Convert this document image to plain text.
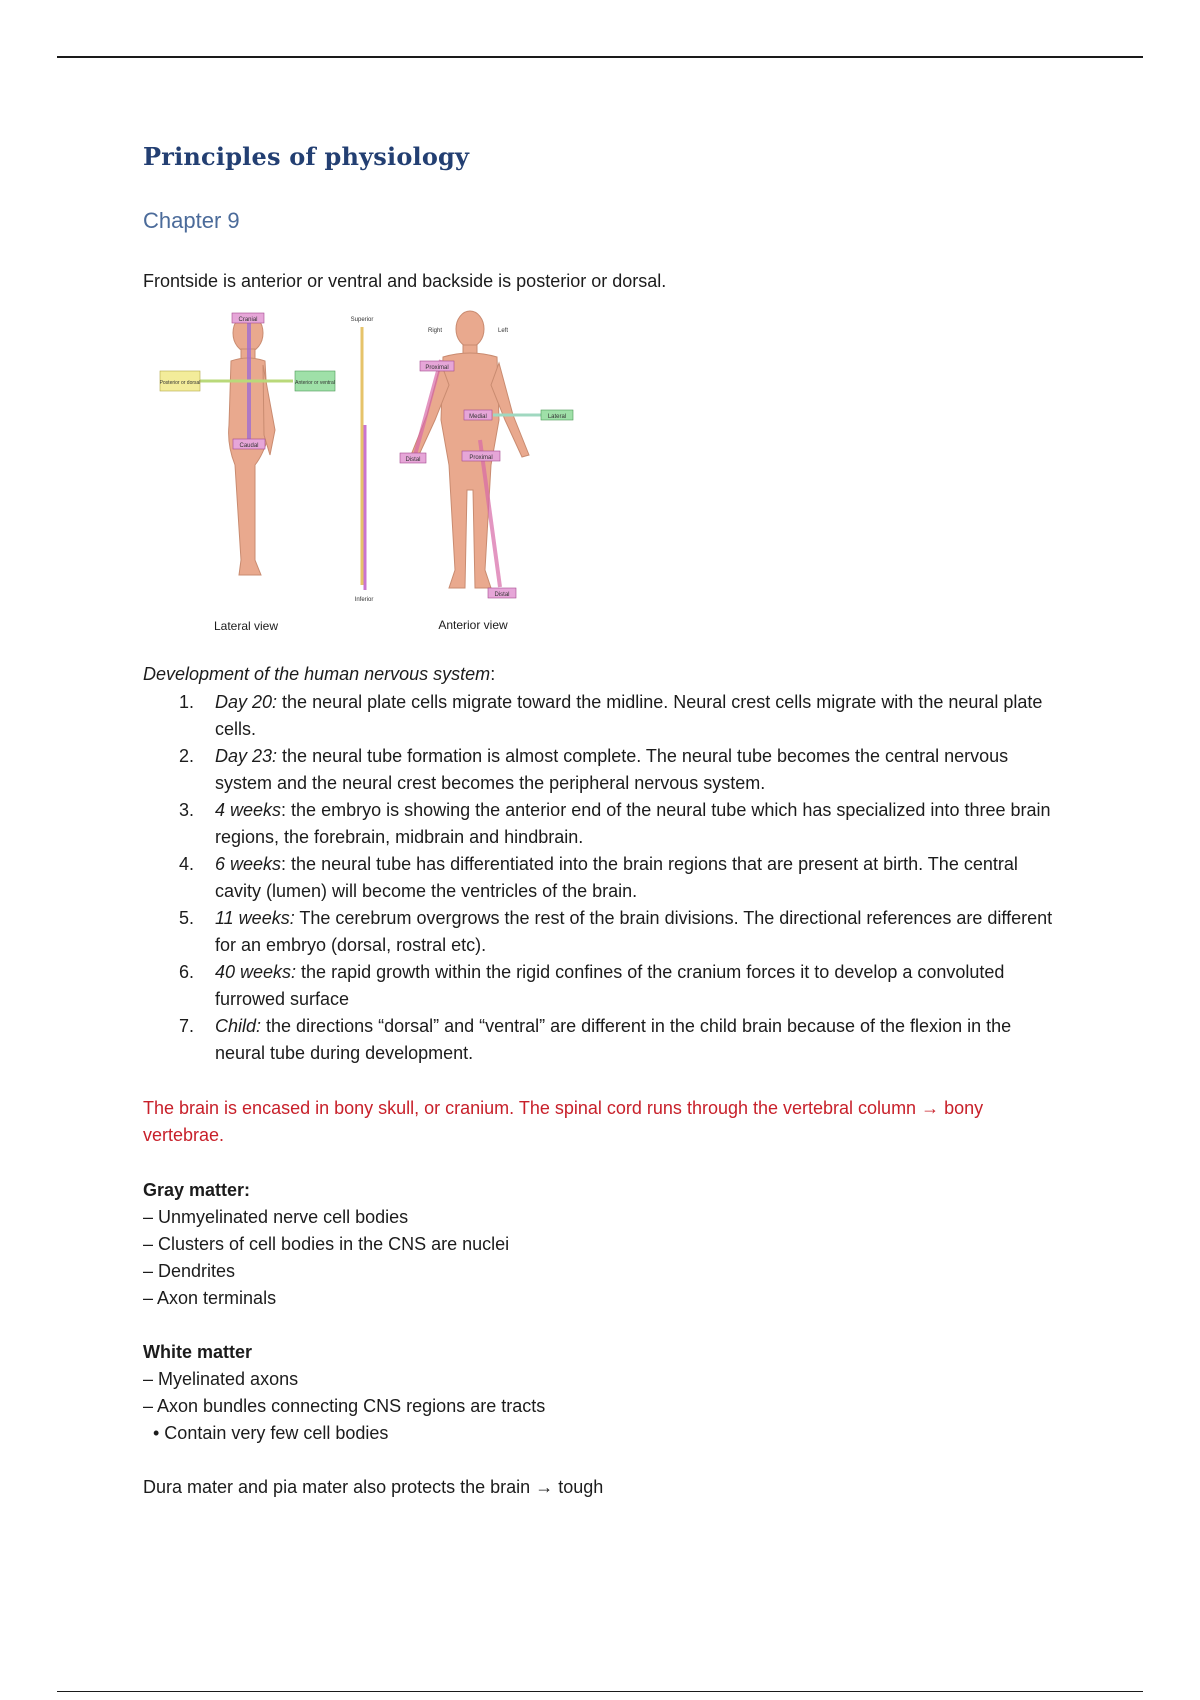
Principles of physiology
Chapter 9

Frontside is anterior or ventral and backside is posterior or dorsal.

Cranial
Caudal
Posterior or dorsal	Anterior or ventral
Lateral view
Superior
Inferior
Right	Left
Proximal
Medial	Lateral
Distal	Proximal
Distal
Anterior view

Development of the human nervous system:

1. Day 20: the neural plate cells migrate toward the midline. Neural crest cells migrate with the neural plate cells.
2. Day 23: the neural tube formation is almost complete. The neural tube becomes the central nervous system and the neural crest becomes the peripheral nervous system.
3. 4 weeks: the embryo is showing the anterior end of the neural tube which has specialized into three brain regions, the forebrain, midbrain and hindbrain.
4. 6 weeks: the neural tube has differentiated into the brain regions that are present at birth. The central cavity (lumen) will become the ventricles of the brain.
5. 11 weeks: The cerebrum overgrows the rest of the brain divisions. The directional references are different for an embryo (dorsal, rostral etc).
6. 40 weeks: the rapid growth within the rigid confines of the cranium forces it to develop a convoluted furrowed surface
7. Child: the directions “dorsal” and “ventral” are different in the child brain because of the flexion in the neural tube during development.

The brain is encased in bony skull, or cranium. The spinal cord runs through the vertebral column → bony vertebrae.

Gray matter:

– Unmyelinated nerve cell bodies
– Clusters of cell bodies in the CNS are nuclei
– Dendrites
– Axon terminals

White matter

– Myelinated axons
– Axon bundles connecting CNS regions are tracts
• Contain very few cell bodies

Dura mater and pia mater also protects the brain → tough
